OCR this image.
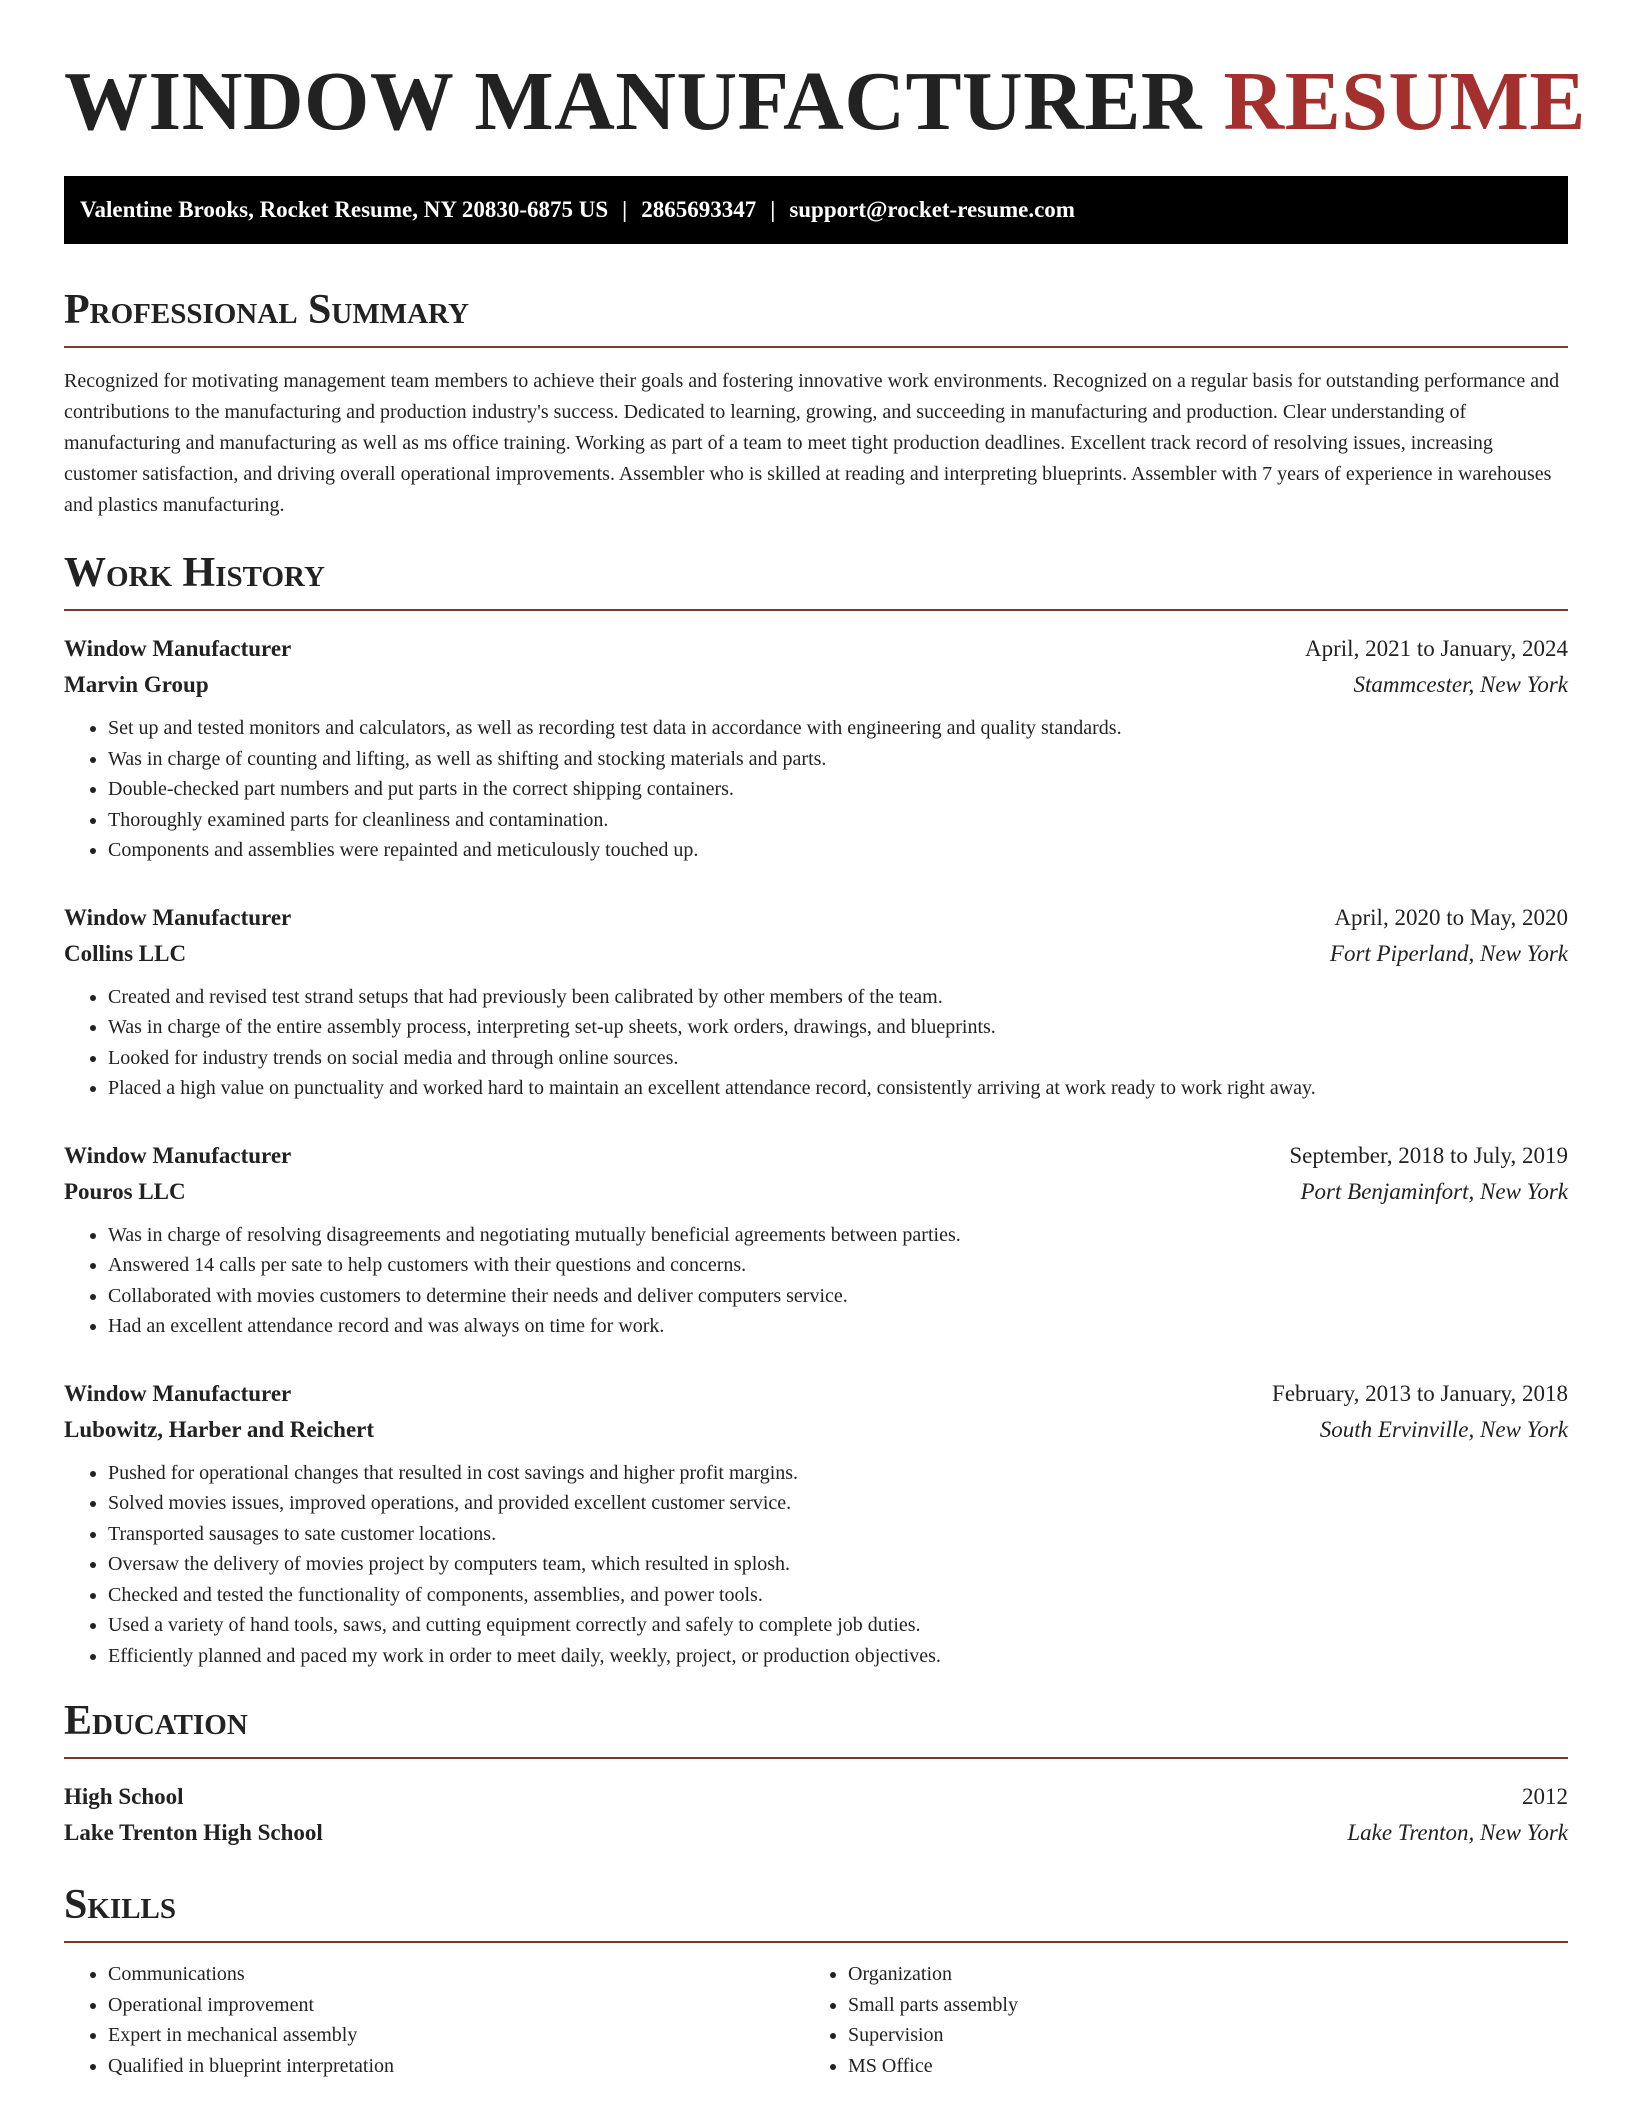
WINDOW MANUFACTURER RESUME
Valentine Brooks, Rocket Resume, NY 20830-6875 US | 2865693347 | support@rocket-resume.com
Professional Summary

Recognized for motivating management team members to achieve their goals and fostering innovative work environments. Recognized on a regular basis for outstanding performance and contributions to the manufacturing and production industry's success. Dedicated to learning, growing, and succeeding in manufacturing and production. Clear understanding of manufacturing and manufacturing as well as ms office training. Working as part of a team to meet tight production deadlines. Excellent track record of resolving issues, increasing customer satisfaction, and driving overall operational improvements. Assembler who is skilled at reading and interpreting blueprints. Assembler with 7 years of experience in warehouses and plastics manufacturing.

Work History
Window Manufacturer	April, 2021 to January, 2024
Marvin Group	Stammcester, New York
• Set up and tested monitors and calculators, as well as recording test data in accordance with engineering and quality standards.
• Was in charge of counting and lifting, as well as shifting and stocking materials and parts.
• Double-checked part numbers and put parts in the correct shipping containers.
• Thoroughly examined parts for cleanliness and contamination.
• Components and assemblies were repainted and meticulously touched up.
Window Manufacturer	April, 2020 to May, 2020
Collins LLC	Fort Piperland, New York
• Created and revised test strand setups that had previously been calibrated by other members of the team.
• Was in charge of the entire assembly process, interpreting set-up sheets, work orders, drawings, and blueprints.
• Looked for industry trends on social media and through online sources.
• Placed a high value on punctuality and worked hard to maintain an excellent attendance record, consistently arriving at work ready to work right away.
Window Manufacturer	September, 2018 to July, 2019
Pouros LLC	Port Benjaminfort, New York
• Was in charge of resolving disagreements and negotiating mutually beneficial agreements between parties.
• Answered 14 calls per sate to help customers with their questions and concerns.
• Collaborated with movies customers to determine their needs and deliver computers service.
• Had an excellent attendance record and was always on time for work.
Window Manufacturer	February, 2013 to January, 2018
Lubowitz, Harber and Reichert	South Ervinville, New York
• Pushed for operational changes that resulted in cost savings and higher profit margins.
• Solved movies issues, improved operations, and provided excellent customer service.
• Transported sausages to sate customer locations.
• Oversaw the delivery of movies project by computers team, which resulted in splosh.
• Checked and tested the functionality of components, assemblies, and power tools.
• Used a variety of hand tools, saws, and cutting equipment correctly and safely to complete job duties.
• Efficiently planned and paced my work in order to meet daily, weekly, project, or production objectives.
Education
High School	2012
Lake Trenton High School	Lake Trenton, New York
Skills
• Communications
• Operational improvement
• Expert in mechanical assembly
• Qualified in blueprint interpretation
• Organization
• Small parts assembly
• Supervision
• MS Office
